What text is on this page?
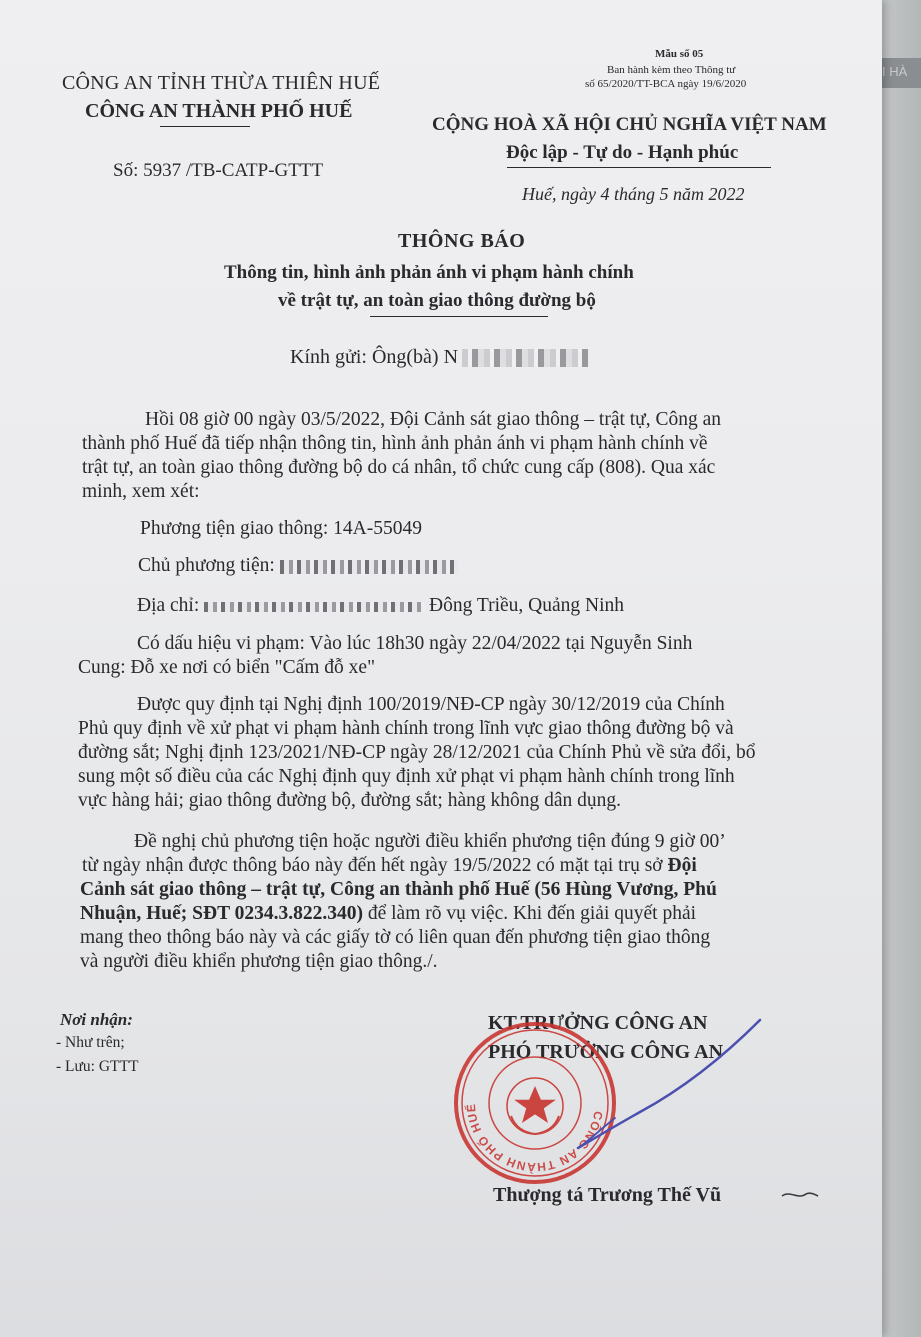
I HÀ
Mẫu số 05
Ban hành kèm theo Thông tư
số 65/2020/TT-BCA ngày 19/6/2020
CÔNG AN TỈNH THỪA THIÊN HUẾ
CÔNG AN THÀNH PHỐ HUẾ
Số: 5937 /TB-CATP-GTTT
CỘNG HOÀ XÃ HỘI CHỦ NGHĨA VIỆT NAM
Độc lập - Tự do - Hạnh phúc
Huế, ngày 4 tháng 5 năm 2022
THÔNG BÁO
Thông tin, hình ảnh phản ánh vi phạm hành chính
về trật tự, an toàn giao thông đường bộ
Kính gửi: Ông(bà) N
Hồi 08 giờ 00 ngày 03/5/2022, Đội Cảnh sát giao thông – trật tự, Công an
thành phố Huế đã tiếp nhận thông tin, hình ảnh phản ánh vi phạm hành chính về
trật tự, an toàn giao thông đường bộ do cá nhân, tổ chức cung cấp (808). Qua xác
minh, xem xét:
Phương tiện giao thông: 14A-55049
Chủ phương tiện:
Địa chỉ:	Đông Triều, Quảng Ninh
Có dấu hiệu vi phạm: Vào lúc 18h30 ngày 22/04/2022 tại Nguyễn Sinh
Cung: Đỗ xe nơi có biển "Cấm đỗ xe"
Được quy định tại Nghị định 100/2019/NĐ-CP ngày 30/12/2019 của Chính
Phủ quy định về xử phạt vi phạm hành chính trong lĩnh vực giao thông đường bộ và
đường sắt; Nghị định 123/2021/NĐ-CP ngày 28/12/2021 của Chính Phủ về sửa đổi, bổ
sung một số điều của các Nghị định quy định xử phạt vi phạm hành chính trong lĩnh
vực hàng hải; giao thông đường bộ, đường sắt; hàng không dân dụng.
Đề nghị chủ phương tiện hoặc người điều khiển phương tiện đúng 9 giờ 00’
từ ngày nhận được thông báo này đến hết ngày 19/5/2022 có mặt tại trụ sở Đội
Cảnh sát giao thông – trật tự, Công an thành phố Huế (56 Hùng Vương, Phú
Nhuận, Huế; SĐT 0234.3.822.340) để làm rõ vụ việc. Khi đến giải quyết phải
mang theo thông báo này và các giấy tờ có liên quan đến phương tiện giao thông
và người điều khiển phương tiện giao thông./.
Nơi nhận:
- Như trên;
- Lưu: GTTT
KT.TRƯỞNG CÔNG AN
PHÓ TRƯỞNG CÔNG AN
CÔNG AN THÀNH PHỐ HUẾ
Thượng tá Trương Thế Vũ
